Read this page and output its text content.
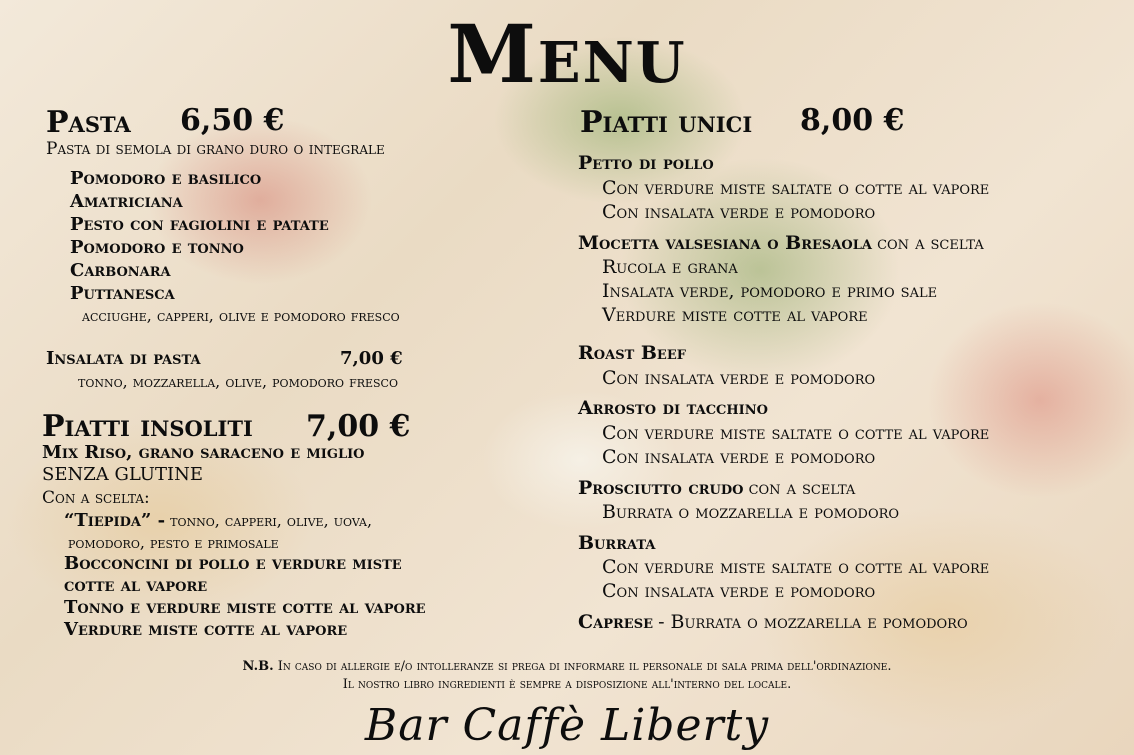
Menu
Pasta 6,50 €
Pasta di semola di grano duro o integrale
Pomodoro e basilico
Amatriciana
Pesto con fagiolini e patate
Pomodoro e tonno
Carbonara
Puttanesca
acciughe, capperi, olive e pomodoro fresco
Insalata di pasta	7,00 €
tonno, mozzarella, olive, pomodoro fresco
Piatti insoliti 7,00 €
Mix Riso, grano saraceno e miglio
SENZA GLUTINE
Con a scelta:
“Tiepida” - tonno, capperi, olive, uova,
pomodoro, pesto e primosale
Bocconcini di pollo e verdure miste
cotte al vapore
Tonno e verdure miste cotte al vapore
Verdure miste cotte al vapore
Piatti unici 8,00 €
Petto di pollo
Con verdure miste saltate o cotte al vapore
Con insalata verde e pomodoro
Mocetta valsesiana o Bresaola con a scelta
Rucola e grana
Insalata verde, pomodoro e primo sale
Verdure miste cotte al vapore
Roast Beef
Con insalata verde e pomodoro
Arrosto di tacchino
Con verdure miste saltate o cotte al vapore
Con insalata verde e pomodoro
Prosciutto crudo con a scelta
Burrata o mozzarella e pomodoro
Burrata
Con verdure miste saltate o cotte al vapore
Con insalata verde e pomodoro
Caprese - Burrata o mozzarella e pomodoro
N.B. In caso di allergie e/o intolleranze si prega di informare il personale di sala prima dell'ordinazione.
Il nostro libro ingredienti è sempre a disposizione all'interno del locale.
Bar Caffè Liberty
